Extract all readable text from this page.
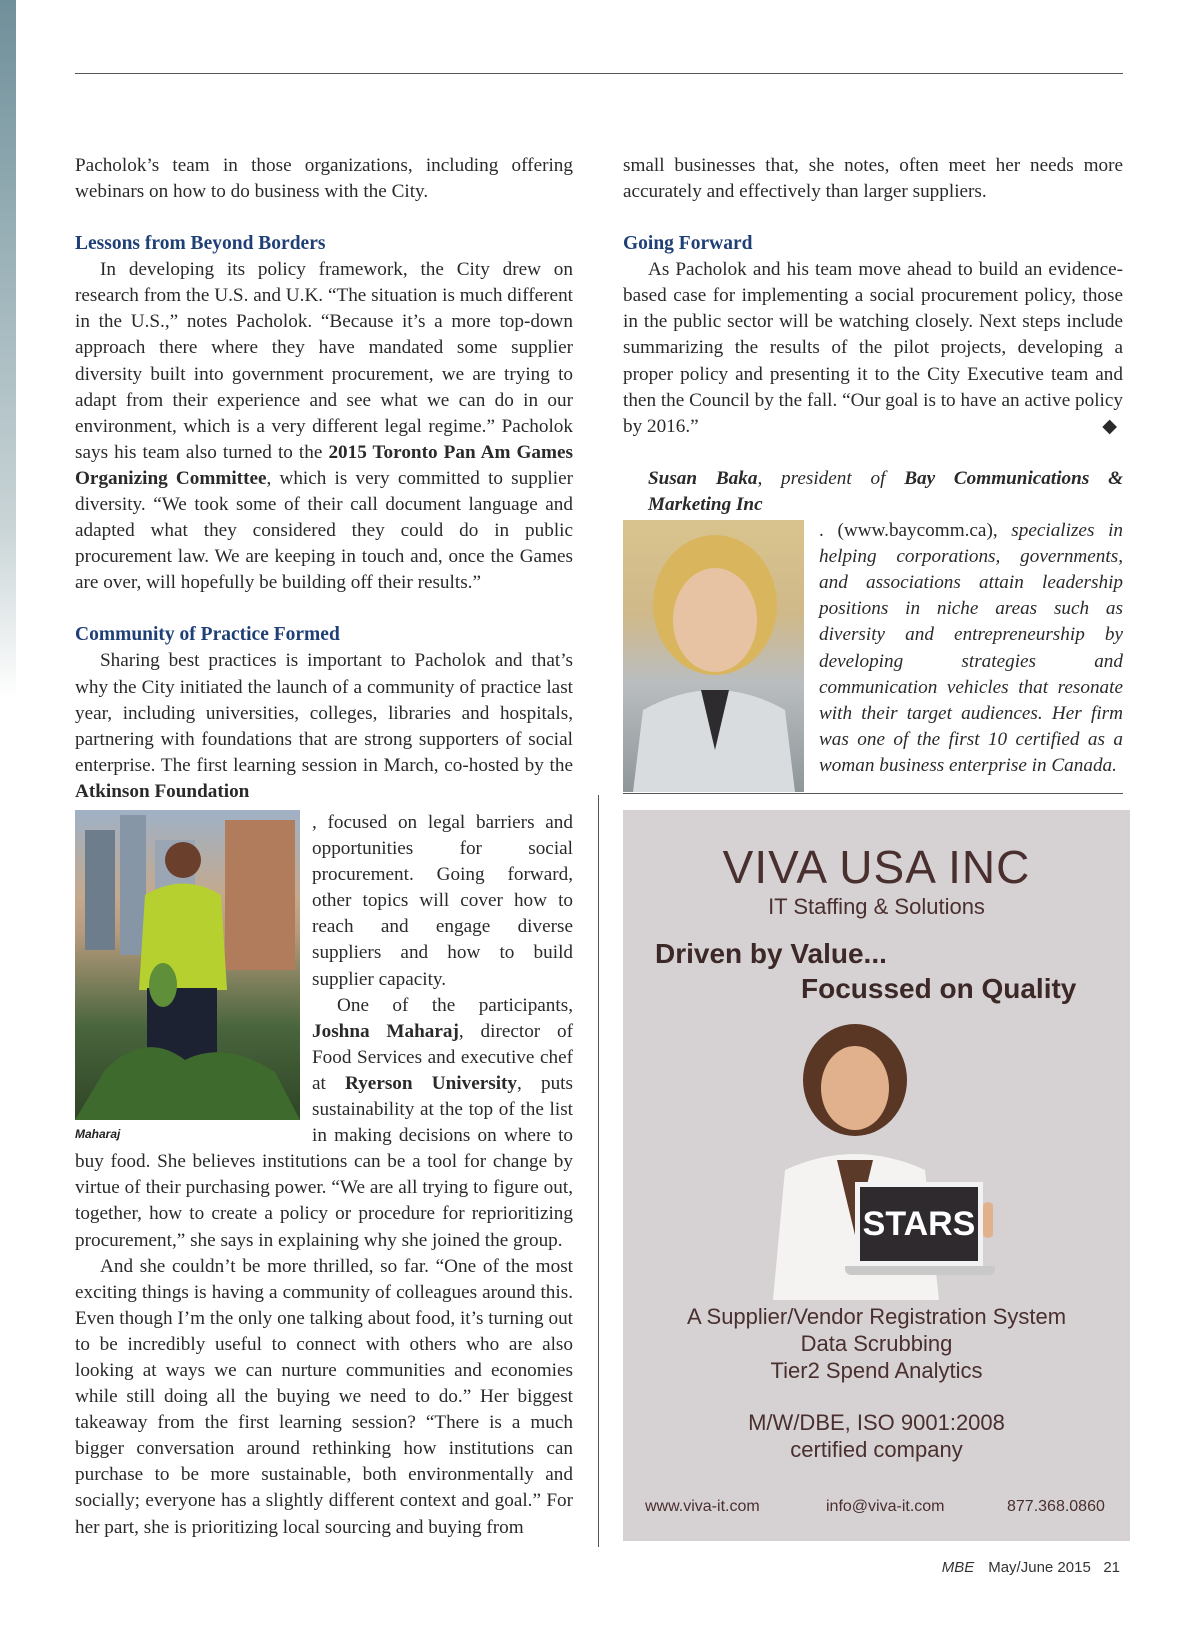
Pacholok’s team in those organizations, including offering webinars on how to do business with the City.

Lessons from Beyond Borders

In developing its policy framework, the City drew on research from the U.S. and U.K. “The situation is much different in the U.S.,” notes Pacholok. “Because it’s a more top-down approach there where they have mandated some supplier diversity built into government procurement, we are trying to adapt from their experience and see what we can do in our environment, which is a very different legal regime.” Pacholok says his team also turned to the 2015 Toronto Pan Am Games Organizing Committee, which is very committed to supplier diversity. “We took some of their call document language and adapted what they considered they could do in public procurement law. We are keeping in touch and, once the Games are over, will hopefully be building off their results.”

Community of Practice Formed

Sharing best practices is important to Pacholok and that’s why the City initiated the launch of a community of practice last year, including universities, colleges, libraries and hospitals, partnering with foundations that are strong supporters of social enterprise. The first learning session in March, co-hosted by the Atkinson Foundation

Maharaj

, focused on legal barriers and opportunities for social procurement. Going forward, other topics will cover how to reach and engage diverse suppliers and how to build supplier capacity.

One of the participants, Joshna Maharaj, director of Food Services and executive chef at Ryerson University, puts sustainability at the top of the list in making decisions on where to buy food. She believes institutions can be a tool for change by virtue of their purchasing power. “We are all trying to figure out, together, how to create a policy or procedure for reprioritizing procurement,” she says in explaining why she joined the group.

And she couldn’t be more thrilled, so far. “One of the most exciting things is having a community of colleagues around this. Even though I’m the only one talking about food, it’s turning out to be incredibly useful to connect with others who are also looking at ways we can nurture communities and economies while still doing all the buying we need to do.” Her biggest takeaway from the first learning session? “There is a much bigger conversation around rethinking how institutions can purchase to be more sustainable, both environmentally and socially; everyone has a slightly different context and goal.” For her part, she is prioritizing local sourcing and buying from

small businesses that, she notes, often meet her needs more accurately and effectively than larger suppliers.

Going Forward

As Pacholok and his team move ahead to build an evidence-based case for implementing a social procurement policy, those in the public sector will be watching closely. Next steps include summarizing the results of the pilot projects, developing a proper policy and presenting it to the City Executive team and then the Council by the fall. “Our goal is to have an active policy by 2016.”	◆

Susan Baka, president of Bay Communications & Marketing Inc

. (www.baycomm.ca), specializes in helping corporations, governments, and associations attain leadership positions in niche areas such as diversity and entrepreneurship by developing strategies and communication vehicles that resonate with their target audiences. Her firm was one of the first 10 certified as a woman business enterprise in Canada.

VIVA USA INC
IT Staffing & Solutions
Driven by Value...
Focussed on Quality
STARS
A Supplier/Vendor Registration System
Data Scrubbing
Tier2 Spend Analytics
M/W/DBE, ISO 9001:2008
certified company
www.viva-it.com	info@viva-it.com	877.368.0860
MBE May/June 2015 21
